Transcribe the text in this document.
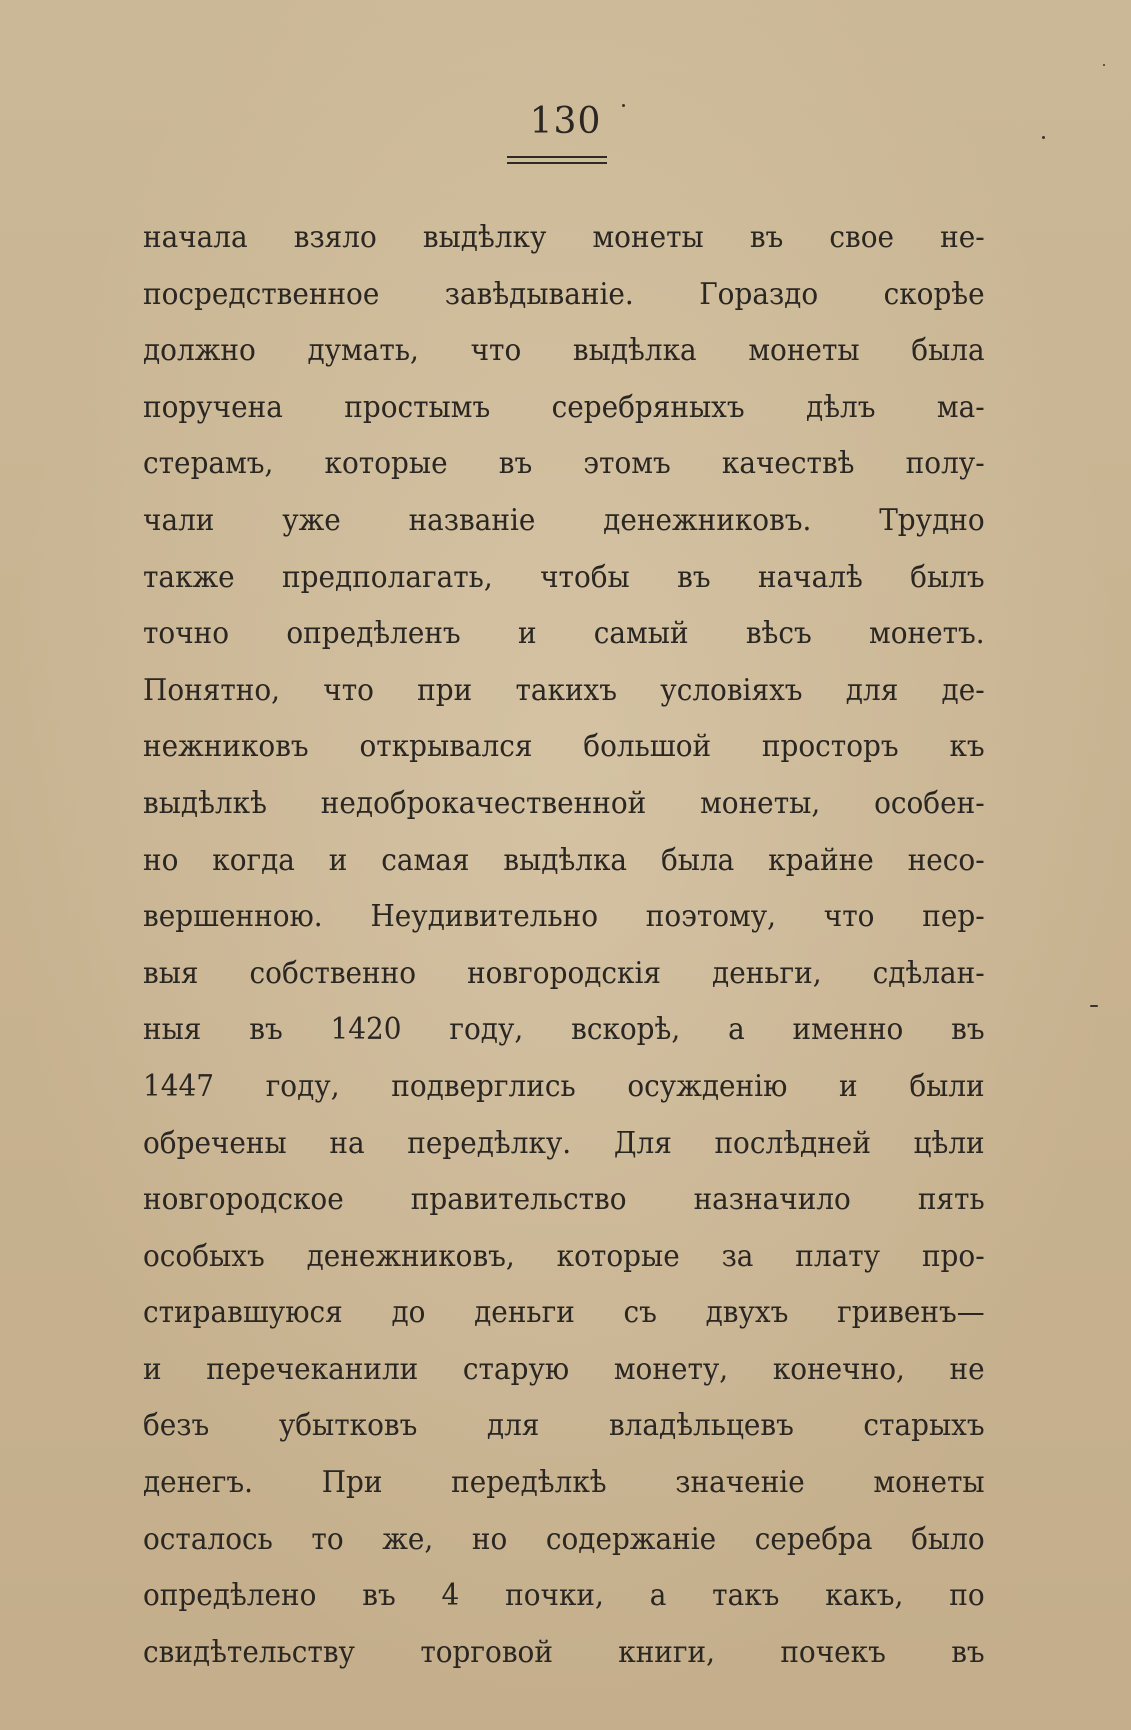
130
начала взяло выдѣлку монеты въ свое не-
посредственное завѣдываніе. Гораздо скорѣе
должно думать, что выдѣлка монеты была
поручена простымъ серебряныхъ дѣлъ ма-
стерамъ, которые въ этомъ качествѣ полу-
чали уже названіе денежниковъ. Трудно
также предполагать, чтобы въ началѣ былъ
точно опредѣленъ и самый вѣсъ монетъ.
Понятно, что при такихъ условіяхъ для де-
нежниковъ открывался большой просторъ къ
выдѣлкѣ недоброкачественной монеты, особен-
но когда и самая выдѣлка была крайне несо-
вершенною. Неудивительно поэтому, что пер-
выя собственно новгородскія деньги, сдѣлан-
ныя въ 1420 году, вскорѣ, а именно въ
1447 году, подверглись осужденію и были
обречены на передѣлку. Для послѣдней цѣли
новгородское правительство назначило пять
особыхъ денежниковъ, которые за плату про-
стиравшуюся до деньги съ двухъ гривенъ—
и перечеканили старую монету, конечно, не
безъ убытковъ для владѣльцевъ старыхъ
денегъ. При передѣлкѣ значеніе монеты
осталось то же, но содержаніе серебра было
опредѣлено въ 4 почки, а такъ какъ, по
свидѣтельству торговой книги, почекъ въ
